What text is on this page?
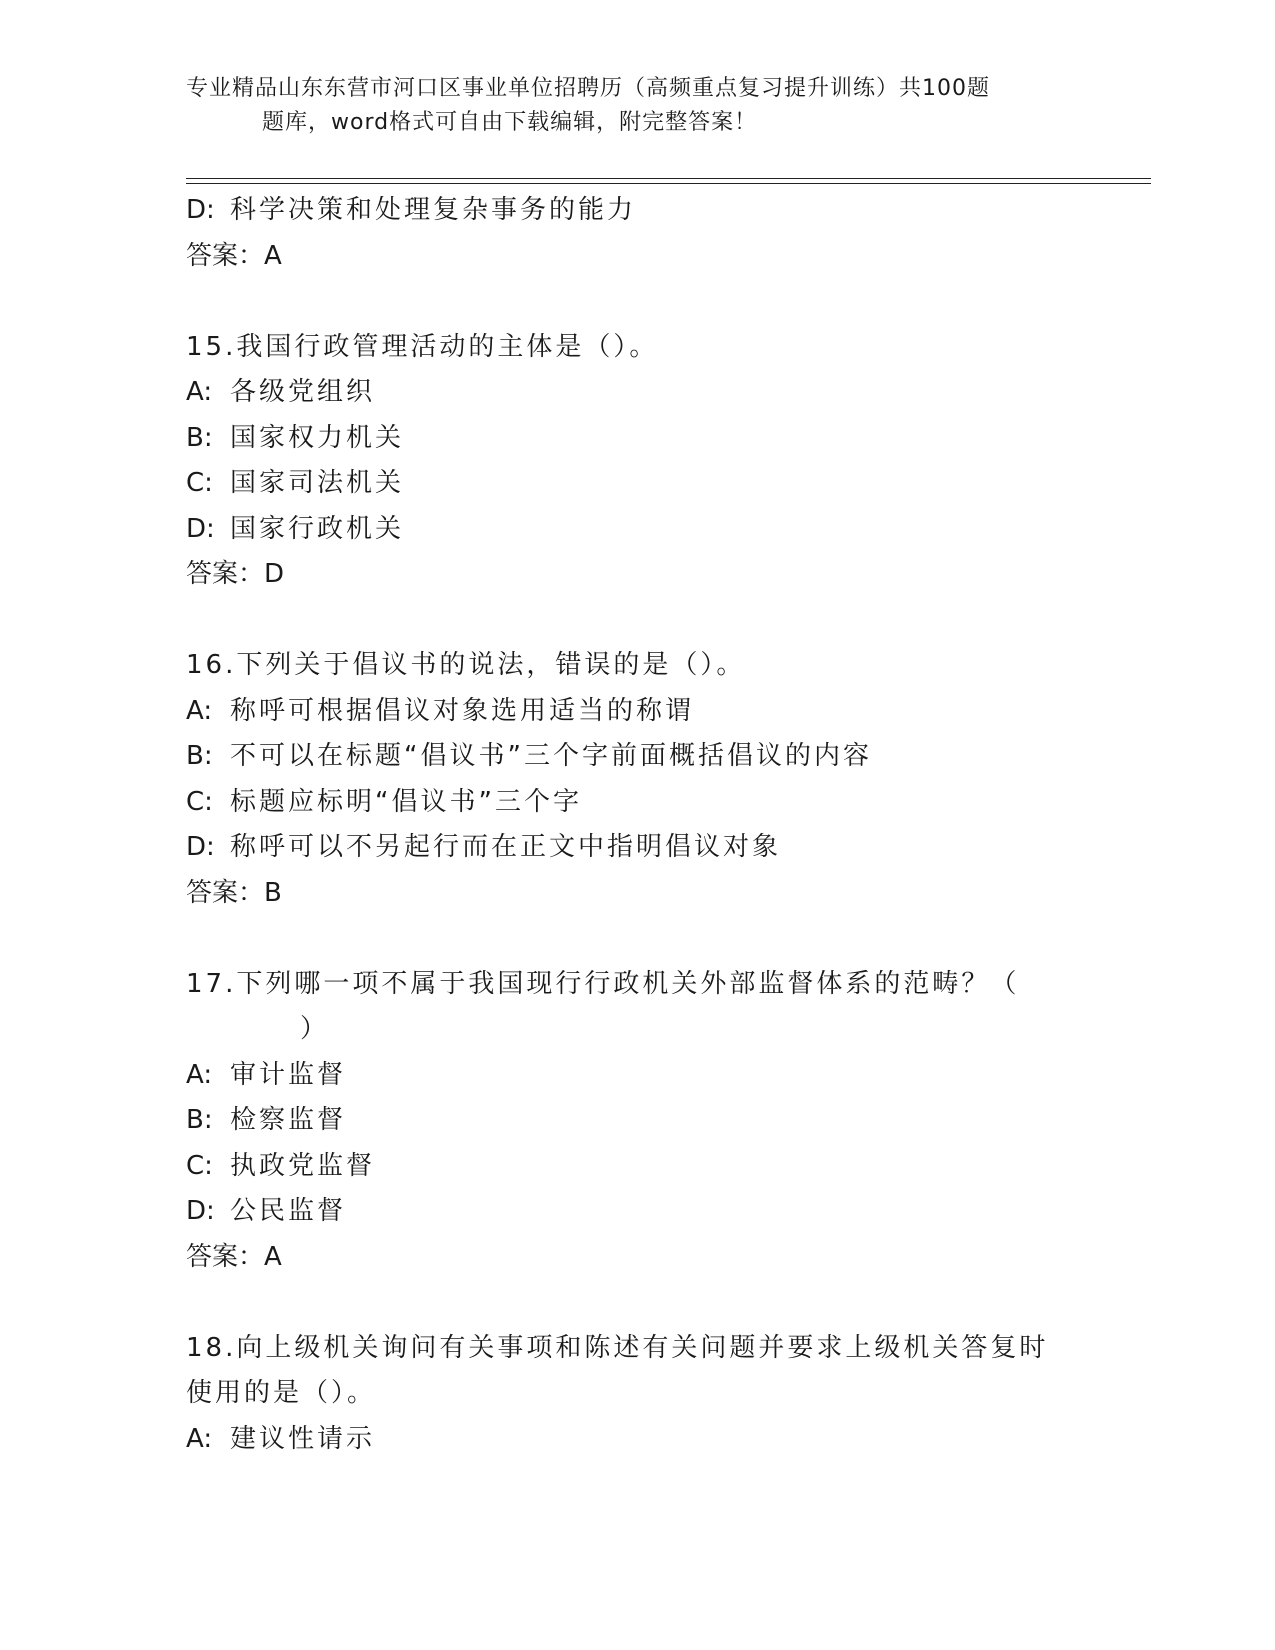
专业精品山东东营市河口区事业单位招聘历（高频重点复习提升训练）共100题
题库，word格式可自由下载编辑，附完整答案！
D: 科学决策和处理复杂事务的能力
答案：A
15.我国行政管理活动的主体是（）。
A: 各级党组织
B: 国家权力机关
C: 国家司法机关
D: 国家行政机关
答案：D
16.下列关于倡议书的说法，错误的是（）。
A: 称呼可根据倡议对象选用适当的称谓
B: 不可以在标题“倡议书”三个字前面概括倡议的内容
C: 标题应标明“倡议书”三个字
D: 称呼可以不另起行而在正文中指明倡议对象
答案：B
17.下列哪一项不属于我国现行行政机关外部监督体系的范畴？（
）
A: 审计监督
B: 检察监督
C: 执政党监督
D: 公民监督
答案：A
18.向上级机关询问有关事项和陈述有关问题并要求上级机关答复时使用的是（）。
A: 建议性请示
